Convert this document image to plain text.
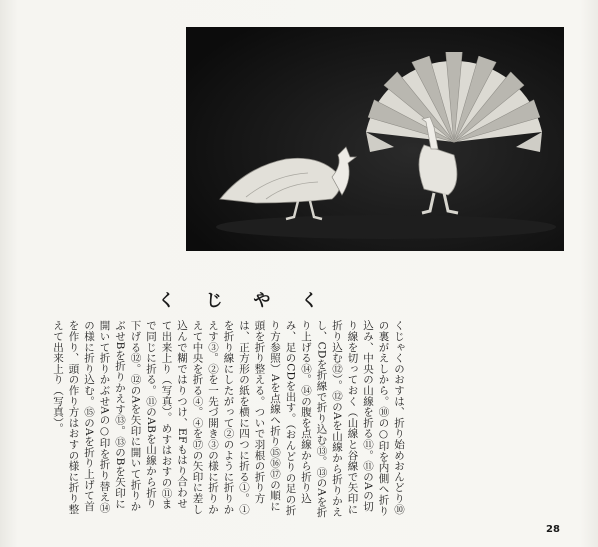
く じ や く

くじゃくのおすは、折り始めおんどり⑩の裏がえしから。⑩の○印を内側へ折り込み、中央の山線を折る⑪。⑪のAの切り線を切っておく（山線と谷線で矢印に折り込む⑫）。⑫のAを山線から折りかえし、CDを折線で折り込む⑬。⑬のAを折り上げる⑭。⑭の腹を点線から折り込み、足のCDを出す。（おんどりの足の折り方参照）Aを点線へ折り⑮⑯⑰の順に頭を折り整える。ついで羽根の折り方は、正方形の紙を横に四つに折る①。①を折り線にしたがって②のように折りかえす③。②を一先づ開き③の様に折りかえて中央を折る④。④を⑰の矢印に差し込んで糊ではりつけ、EFもはり合わせて出来上り（写真）。めすはおすの⑪まで同じに折る。⑪のABを山線から折り下げる⑫。⑫のAを矢印に開いて折りかぶせBを折りかえす⑬。⑬のBを矢印に開いて折りかぶせAの○印を折り替え⑭の様に折り込む。⑮のAを折り上げて首を作り、頭の作り方はおすの様に折り整えて出来上り（写真）。

28
